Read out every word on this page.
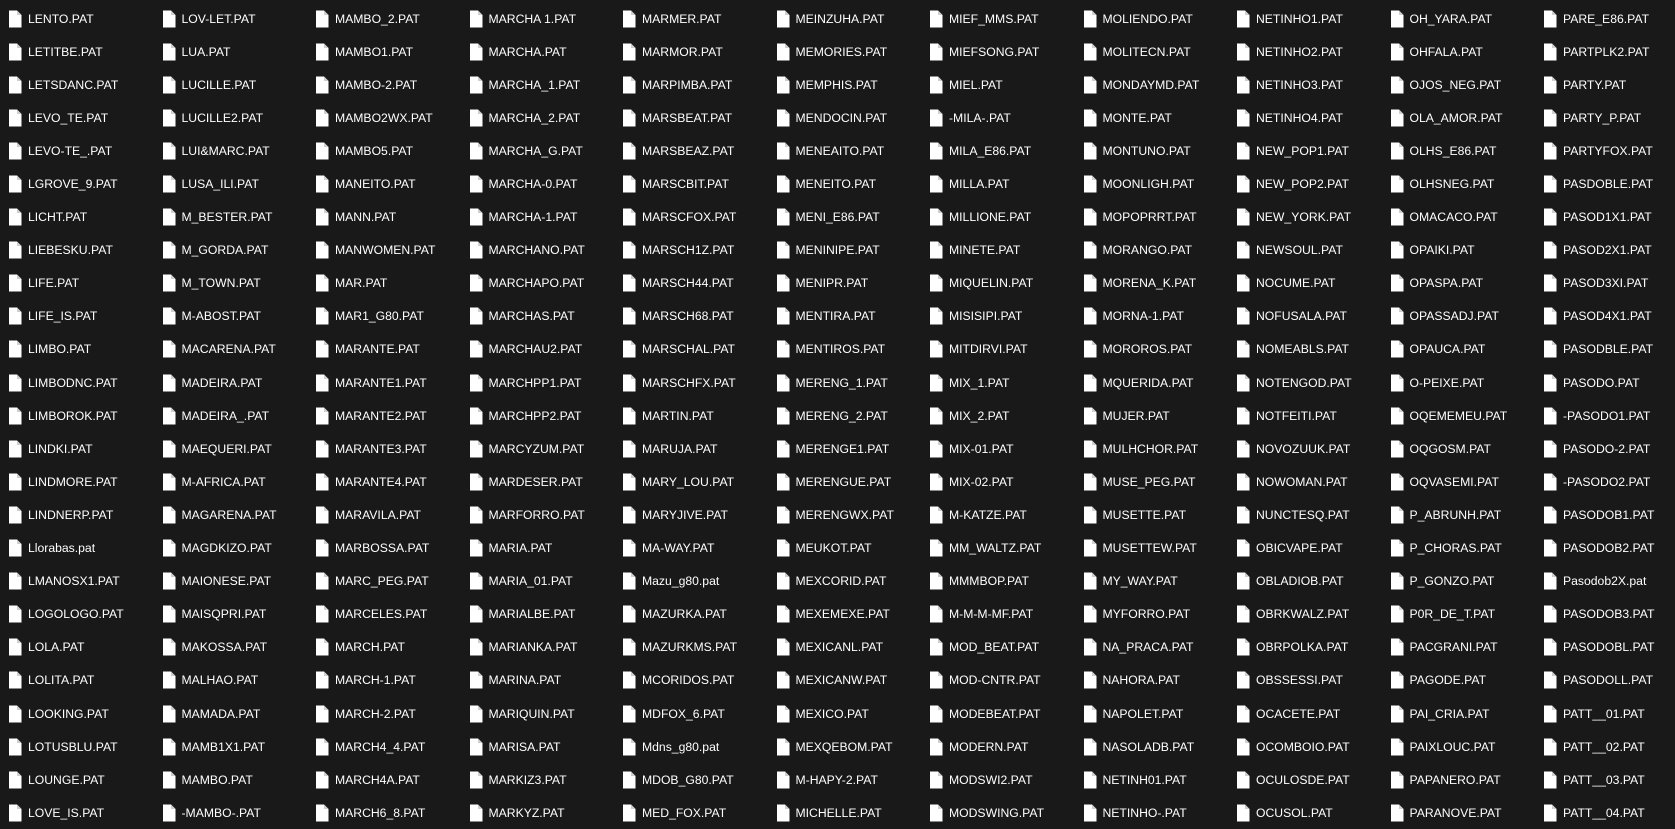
LENTO.PAT
LETITBE.PAT
LETSDANC.PAT
LEVO_TE.PAT
LEVO-TE_.PAT
LGROVE_9.PAT
LICHT.PAT
LIEBESKU.PAT
LIFE.PAT
LIFE_IS.PAT
LIMBO.PAT
LIMBODNC.PAT
LIMBOROK.PAT
LINDKI.PAT
LINDMORE.PAT
LINDNERP.PAT
Llorabas.pat
LMANOSX1.PAT
LOGOLOGO.PAT
LOLA.PAT
LOLITA.PAT
LOOKING.PAT
LOTUSBLU.PAT
LOUNGE.PAT
LOVE_IS.PAT
LOV-LET.PAT
LUA.PAT
LUCILLE.PAT
LUCILLE2.PAT
LUI&MARC.PAT
LUSA_ILI.PAT
M_BESTER.PAT
M_GORDA.PAT
M_TOWN.PAT
M-ABOST.PAT
MACARENA.PAT
MADEIRA.PAT
MADEIRA_.PAT
MAEQUERI.PAT
M-AFRICA.PAT
MAGARENA.PAT
MAGDKIZO.PAT
MAIONESE.PAT
MAISQPRI.PAT
MAKOSSA.PAT
MALHAO.PAT
MAMADA.PAT
MAMB1X1.PAT
MAMBO.PAT
-MAMBO-.PAT
MAMBO_2.PAT
MAMBO1.PAT
MAMBO-2.PAT
MAMBO2WX.PAT
MAMBO5.PAT
MANEITO.PAT
MANN.PAT
MANWOMEN.PAT
MAR.PAT
MAR1_G80.PAT
MARANTE.PAT
MARANTE1.PAT
MARANTE2.PAT
MARANTE3.PAT
MARANTE4.PAT
MARAVILA.PAT
MARBOSSA.PAT
MARC_PEG.PAT
MARCELES.PAT
MARCH.PAT
MARCH-1.PAT
MARCH-2.PAT
MARCH4_4.PAT
MARCH4A.PAT
MARCH6_8.PAT
MARCHA 1.PAT
MARCHA.PAT
MARCHA_1.PAT
MARCHA_2.PAT
MARCHA_G.PAT
MARCHA-0.PAT
MARCHA-1.PAT
MARCHANO.PAT
MARCHAPO.PAT
MARCHAS.PAT
MARCHAU2.PAT
MARCHPP1.PAT
MARCHPP2.PAT
MARCYZUM.PAT
MARDESER.PAT
MARFORRO.PAT
MARIA.PAT
MARIA_01.PAT
MARIALBE.PAT
MARIANKA.PAT
MARINA.PAT
MARIQUIN.PAT
MARISA.PAT
MARKIZ3.PAT
MARKYZ.PAT
MARMER.PAT
MARMOR.PAT
MARPIMBA.PAT
MARSBEAT.PAT
MARSBEAZ.PAT
MARSCBIT.PAT
MARSCFOX.PAT
MARSCH1Z.PAT
MARSCH44.PAT
MARSCH68.PAT
MARSCHAL.PAT
MARSCHFX.PAT
MARTIN.PAT
MARUJA.PAT
MARY_LOU.PAT
MARYJIVE.PAT
MA-WAY.PAT
Mazu_g80.pat
MAZURKA.PAT
MAZURKMS.PAT
MCORIDOS.PAT
MDFOX_6.PAT
Mdns_g80.pat
MDOB_G80.PAT
MED_FOX.PAT
MEINZUHA.PAT
MEMORIES.PAT
MEMPHIS.PAT
MENDOCIN.PAT
MENEAITO.PAT
MENEITO.PAT
MENI_E86.PAT
MENINIPE.PAT
MENIPR.PAT
MENTIRA.PAT
MENTIROS.PAT
MERENG_1.PAT
MERENG_2.PAT
MERENGE1.PAT
MERENGUE.PAT
MERENGWX.PAT
MEUKOT.PAT
MEXCORID.PAT
MEXEMEXE.PAT
MEXICANL.PAT
MEXICANW.PAT
MEXICO.PAT
MEXQEBOM.PAT
M-HAPY-2.PAT
MICHELLE.PAT
MIEF_MMS.PAT
MIEFSONG.PAT
MIEL.PAT
-MILA-.PAT
MILA_E86.PAT
MILLA.PAT
MILLIONE.PAT
MINETE.PAT
MIQUELIN.PAT
MISISIPI.PAT
MITDIRVI.PAT
MIX_1.PAT
MIX_2.PAT
MIX-01.PAT
MIX-02.PAT
M-KATZE.PAT
MM_WALTZ.PAT
MMMBOP.PAT
M-M-M-MF.PAT
MOD_BEAT.PAT
MOD-CNTR.PAT
MODEBEAT.PAT
MODERN.PAT
MODSWI2.PAT
MODSWING.PAT
MOLIENDO.PAT
MOLITECN.PAT
MONDAYMD.PAT
MONTE.PAT
MONTUNO.PAT
MOONLIGH.PAT
MOPOPRRT.PAT
MORANGO.PAT
MORENA_K.PAT
MORNA-1.PAT
MOROROS.PAT
MQUERIDA.PAT
MUJER.PAT
MULHCHOR.PAT
MUSE_PEG.PAT
MUSETTE.PAT
MUSETTEW.PAT
MY_WAY.PAT
MYFORRO.PAT
NA_PRACA.PAT
NAHORA.PAT
NAPOLET.PAT
NASOLADB.PAT
NETINH01.PAT
NETINHO-.PAT
NETINHO1.PAT
NETINHO2.PAT
NETINHO3.PAT
NETINHO4.PAT
NEW_POP1.PAT
NEW_POP2.PAT
NEW_YORK.PAT
NEWSOUL.PAT
NOCUME.PAT
NOFUSALA.PAT
NOMEABLS.PAT
NOTENGOD.PAT
NOTFEITI.PAT
NOVOZUUK.PAT
NOWOMAN.PAT
NUNCTESQ.PAT
OBICVAPE.PAT
OBLADIOB.PAT
OBRKWALZ.PAT
OBRPOLKA.PAT
OBSSESSI.PAT
OCACETE.PAT
OCOMBOIO.PAT
OCULOSDE.PAT
OCUSOL.PAT
OH_YARA.PAT
OHFALA.PAT
OJOS_NEG.PAT
OLA_AMOR.PAT
OLHS_E86.PAT
OLHSNEG.PAT
OMACACO.PAT
OPAIKI.PAT
OPASPA.PAT
OPASSADJ.PAT
OPAUCA.PAT
O-PEIXE.PAT
OQEMEMEU.PAT
OQGOSM.PAT
OQVASEMI.PAT
P_ABRUNH.PAT
P_CHORAS.PAT
P_GONZO.PAT
P0R_DE_T.PAT
PACGRANI.PAT
PAGODE.PAT
PAI_CRIA.PAT
PAIXLOUC.PAT
PAPANERO.PAT
PARANOVE.PAT
PARE_E86.PAT
PARTPLK2.PAT
PARTY.PAT
PARTY_P.PAT
PARTYFOX.PAT
PASDOBLE.PAT
PASOD1X1.PAT
PASOD2X1.PAT
PASOD3XI.PAT
PASOD4X1.PAT
PASODBLE.PAT
PASODO.PAT
-PASODO1.PAT
PASODO-2.PAT
-PASODO2.PAT
PASODOB1.PAT
PASODOB2.PAT
Pasodob2X.pat
PASODOB3.PAT
PASODOBL.PAT
PASODOLL.PAT
PATT__01.PAT
PATT__02.PAT
PATT__03.PAT
PATT__04.PAT
